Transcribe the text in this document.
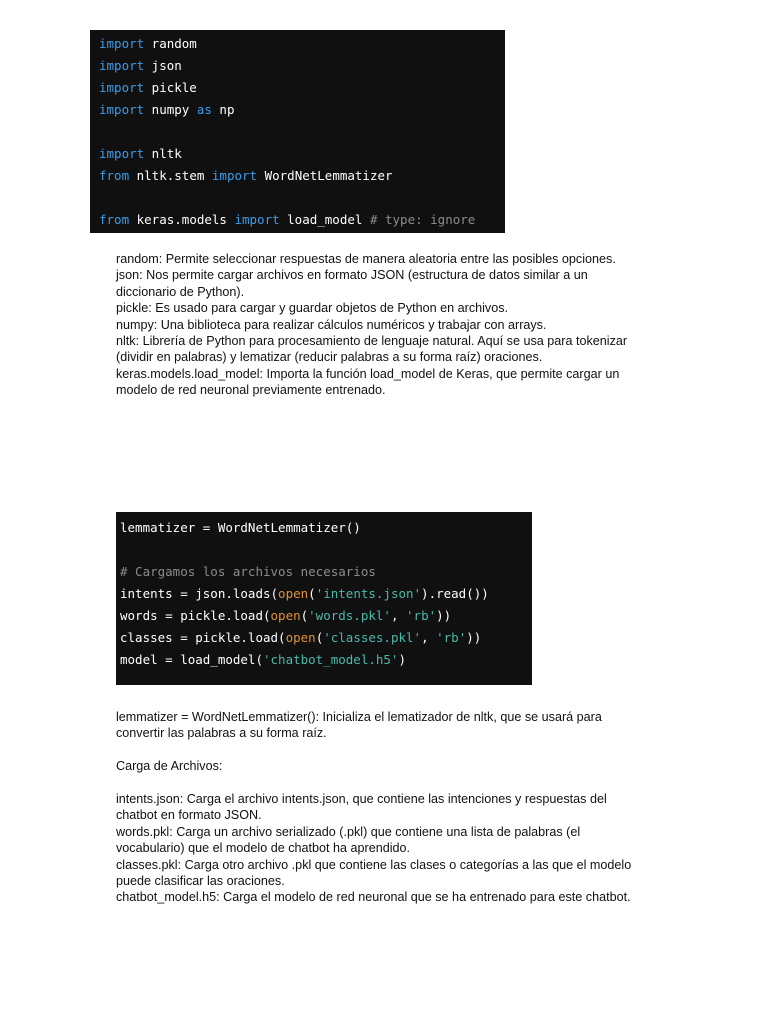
import random
import json
import pickle
import numpy as np

import nltk
from nltk.stem import WordNetLemmatizer

from keras.models import load_model # type: ignore
random: Permite seleccionar respuestas de manera aleatoria entre las posibles opciones.
json: Nos permite cargar archivos en formato JSON (estructura de datos similar a un
diccionario de Python).
pickle: Es usado para cargar y guardar objetos de Python en archivos.
numpy: Una biblioteca para realizar cálculos numéricos y trabajar con arrays.
nltk: Librería de Python para procesamiento de lenguaje natural. Aquí se usa para tokenizar
(dividir en palabras) y lematizar (reducir palabras a su forma raíz) oraciones.
keras.models.load_model: Importa la función load_model de Keras, que permite cargar un
modelo de red neuronal previamente entrenado.
lemmatizer = WordNetLemmatizer()

# Cargamos los archivos necesarios
intents = json.loads(open('intents.json').read())
words = pickle.load(open('words.pkl', 'rb'))
classes = pickle.load(open('classes.pkl', 'rb'))
model = load_model('chatbot_model.h5')
lemmatizer = WordNetLemmatizer(): Inicializa el lematizador de nltk, que se usará para
convertir las palabras a su forma raíz.
Carga de Archivos:
intents.json: Carga el archivo intents.json, que contiene las intenciones y respuestas del
chatbot en formato JSON.
words.pkl: Carga un archivo serializado (.pkl) que contiene una lista de palabras (el
vocabulario) que el modelo de chatbot ha aprendido.
classes.pkl: Carga otro archivo .pkl que contiene las clases o categorías a las que el modelo
puede clasificar las oraciones.
chatbot_model.h5: Carga el modelo de red neuronal que se ha entrenado para este chatbot.
